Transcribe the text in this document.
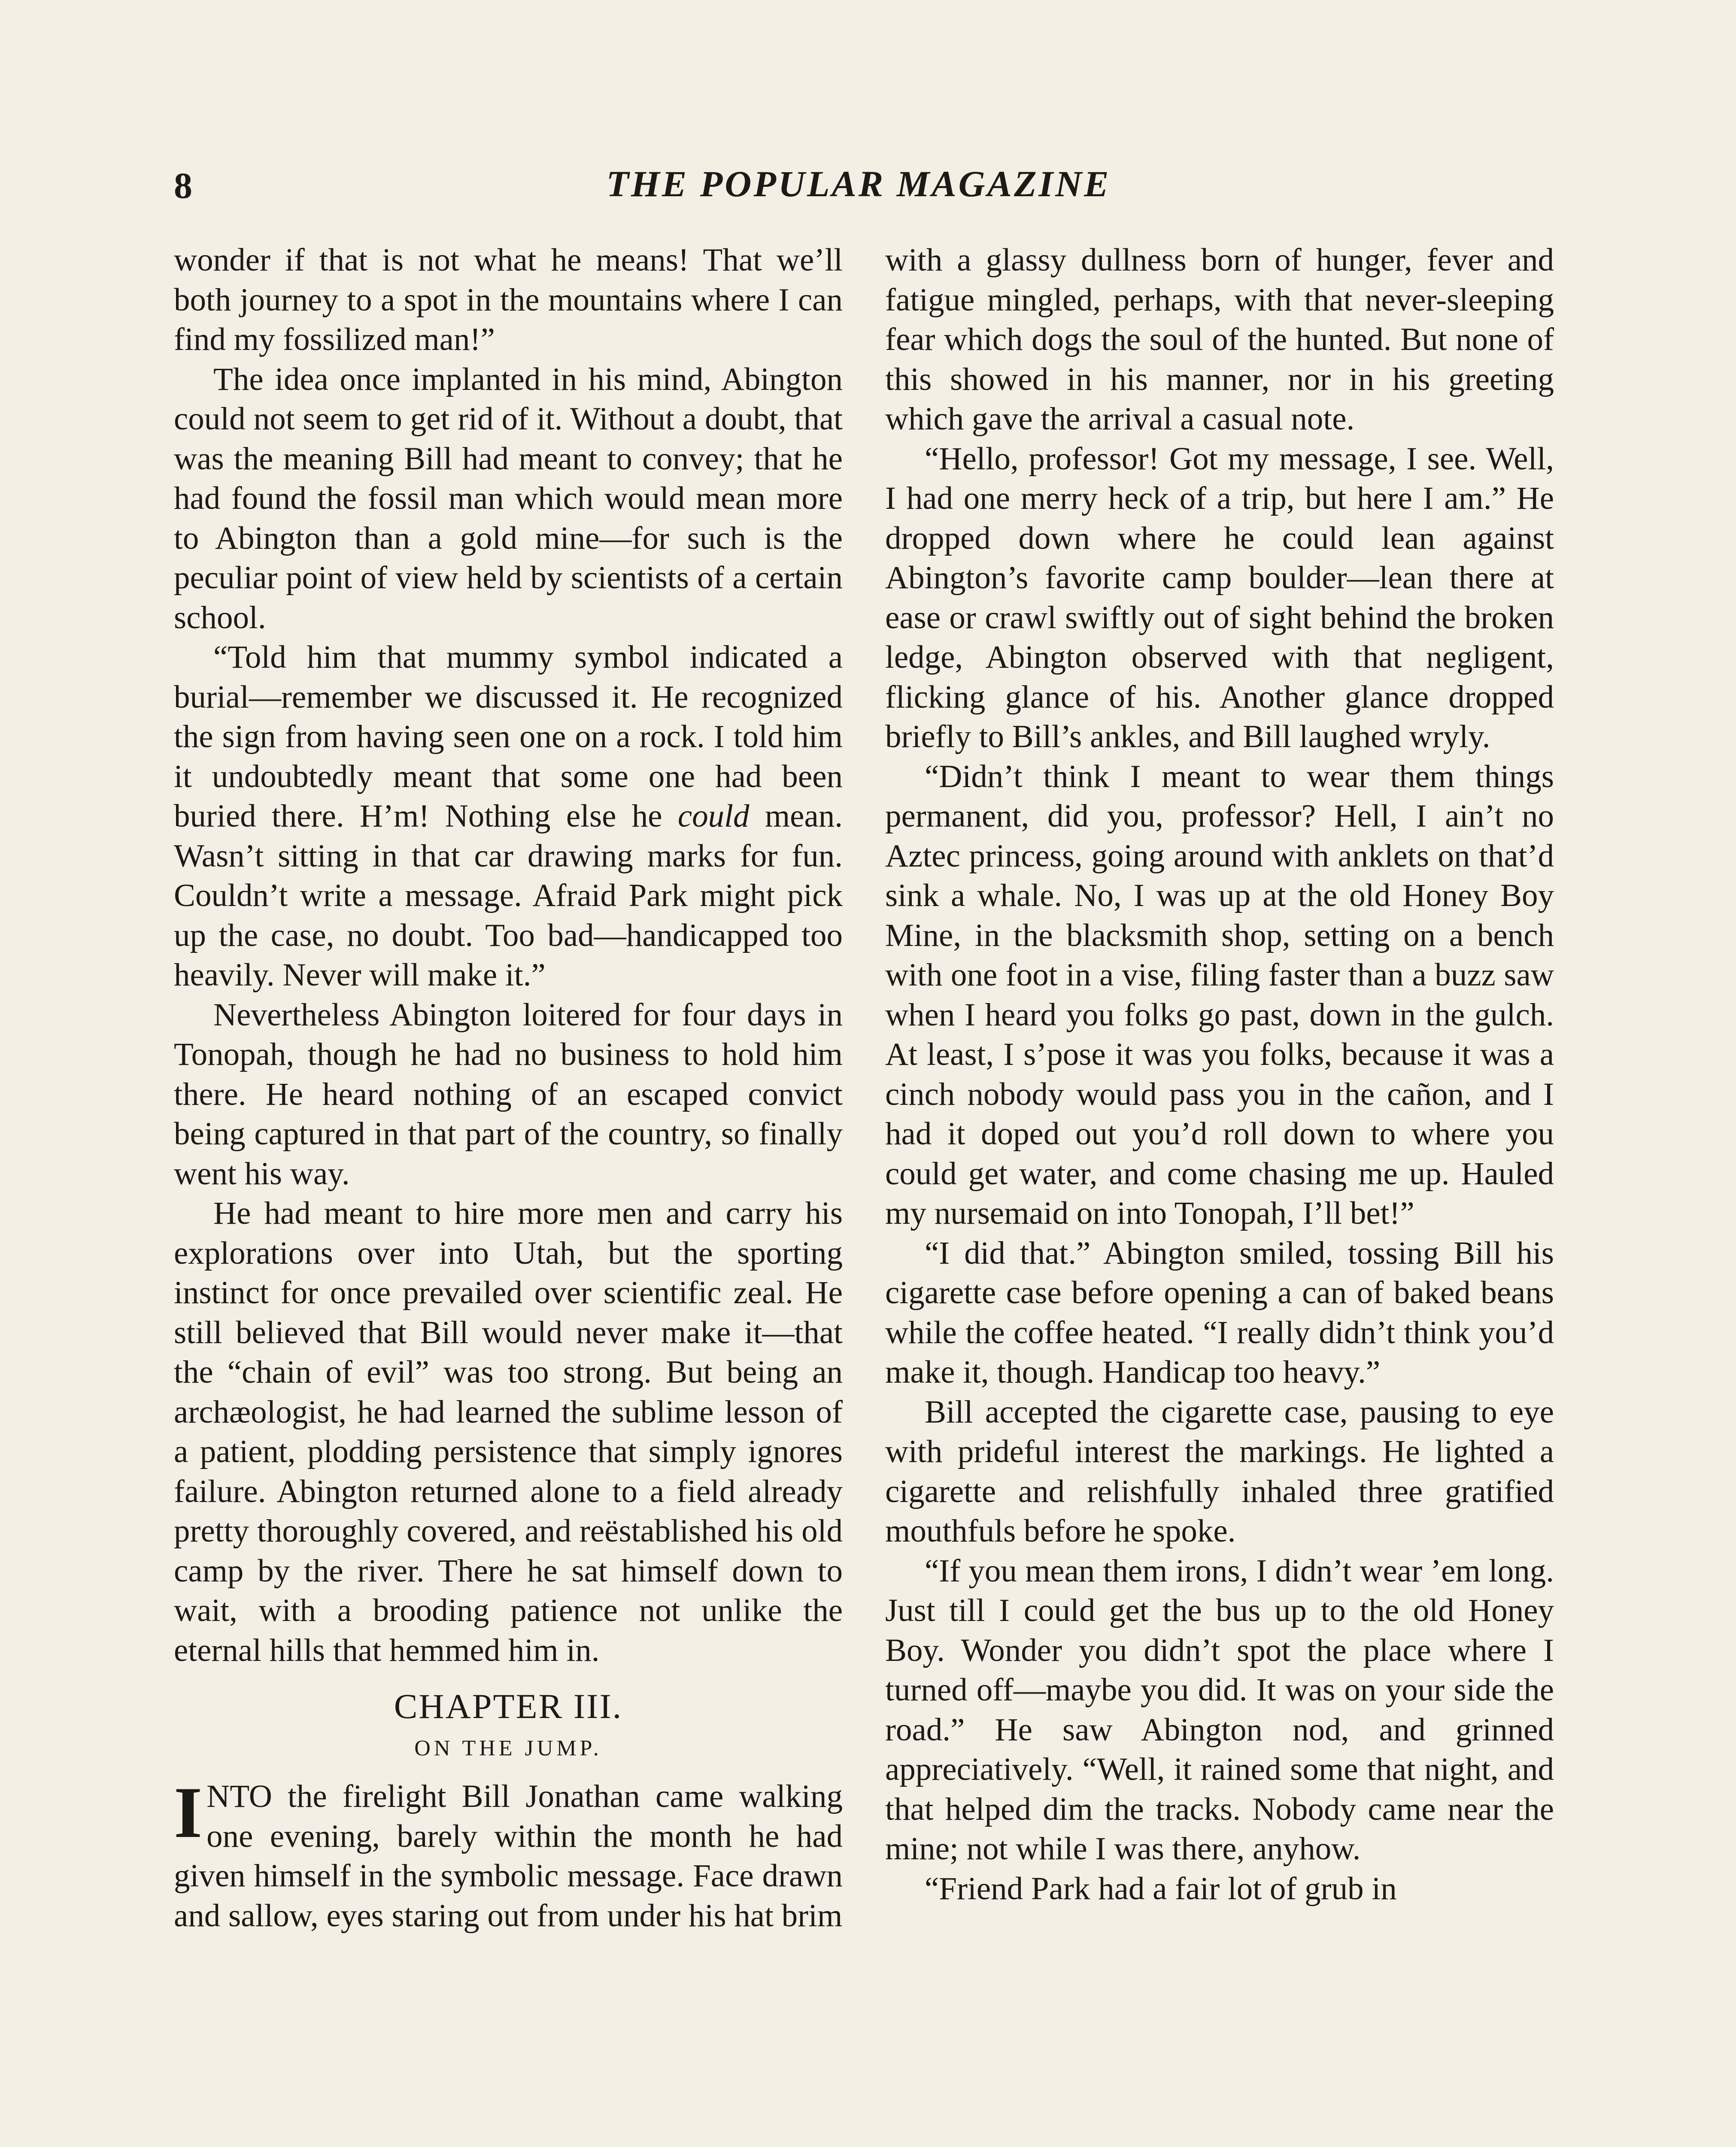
8	THE POPULAR MAGAZINE

wonder if that is not what he means! That we’ll both journey to a spot in the mountains where I can find my fossilized man!”

The idea once implanted in his mind, Abington could not seem to get rid of it. Without a doubt, that was the meaning Bill had meant to convey; that he had found the fossil man which would mean more to Abington than a gold mine—for such is the peculiar point of view held by scientists of a certain school.

“Told him that mummy symbol indicated a burial—remember we discussed it. He recognized the sign from having seen one on a rock. I told him it undoubtedly meant that some one had been buried there. H’m! Nothing else he could mean. Wasn’t sitting in that car drawing marks for fun. Couldn’t write a message. Afraid Park might pick up the case, no doubt. Too bad—handicapped too heavily. Never will make it.”

Nevertheless Abington loitered for four days in Tonopah, though he had no business to hold him there. He heard nothing of an escaped convict being captured in that part of the country, so finally went his way.

He had meant to hire more men and carry his explorations over into Utah, but the sporting instinct for once prevailed over scientific zeal. He still believed that Bill would never make it—that the “chain of evil” was too strong. But being an archæologist, he had learned the sublime lesson of a patient, plodding persistence that simply ignores failure. Abington returned alone to a field already pretty thoroughly covered, and reëstablished his old camp by the river. There he sat himself down to wait, with a brooding patience not unlike the eternal hills that hemmed him in.

CHAPTER III.
ON THE JUMP.

INTO the firelight Bill Jonathan came walking one evening, barely within the month he had given himself in the symbolic message. Face drawn and sallow, eyes staring out from under his hat brim

with a glassy dullness born of hunger, fever and fatigue mingled, perhaps, with that never-sleeping fear which dogs the soul of the hunted. But none of this showed in his manner, nor in his greeting which gave the arrival a casual note.

“Hello, professor! Got my message, I see. Well, I had one merry heck of a trip, but here I am.” He dropped down where he could lean against Abington’s favorite camp boulder—lean there at ease or crawl swiftly out of sight behind the broken ledge, Abington observed with that negligent, flicking glance of his. Another glance dropped briefly to Bill’s ankles, and Bill laughed wryly.

“Didn’t think I meant to wear them things permanent, did you, professor? Hell, I ain’t no Aztec princess, going around with anklets on that’d sink a whale. No, I was up at the old Honey Boy Mine, in the blacksmith shop, setting on a bench with one foot in a vise, filing faster than a buzz saw when I heard you folks go past, down in the gulch. At least, I s’pose it was you folks, because it was a cinch nobody would pass you in the cañon, and I had it doped out you’d roll down to where you could get water, and come chasing me up. Hauled my nursemaid on into Tonopah, I’ll bet!”

“I did that.” Abington smiled, tossing Bill his cigarette case before opening a can of baked beans while the coffee heated. “I really didn’t think you’d make it, though. Handicap too heavy.”

Bill accepted the cigarette case, pausing to eye with prideful interest the markings. He lighted a cigarette and relishfully inhaled three gratified mouthfuls before he spoke.

“If you mean them irons, I didn’t wear ’em long. Just till I could get the bus up to the old Honey Boy. Wonder you didn’t spot the place where I turned off—maybe you did. It was on your side the road.” He saw Abington nod, and grinned appreciatively. “Well, it rained some that night, and that helped dim the tracks. Nobody came near the mine; not while I was there, anyhow.

“Friend Park had a fair lot of grub in
